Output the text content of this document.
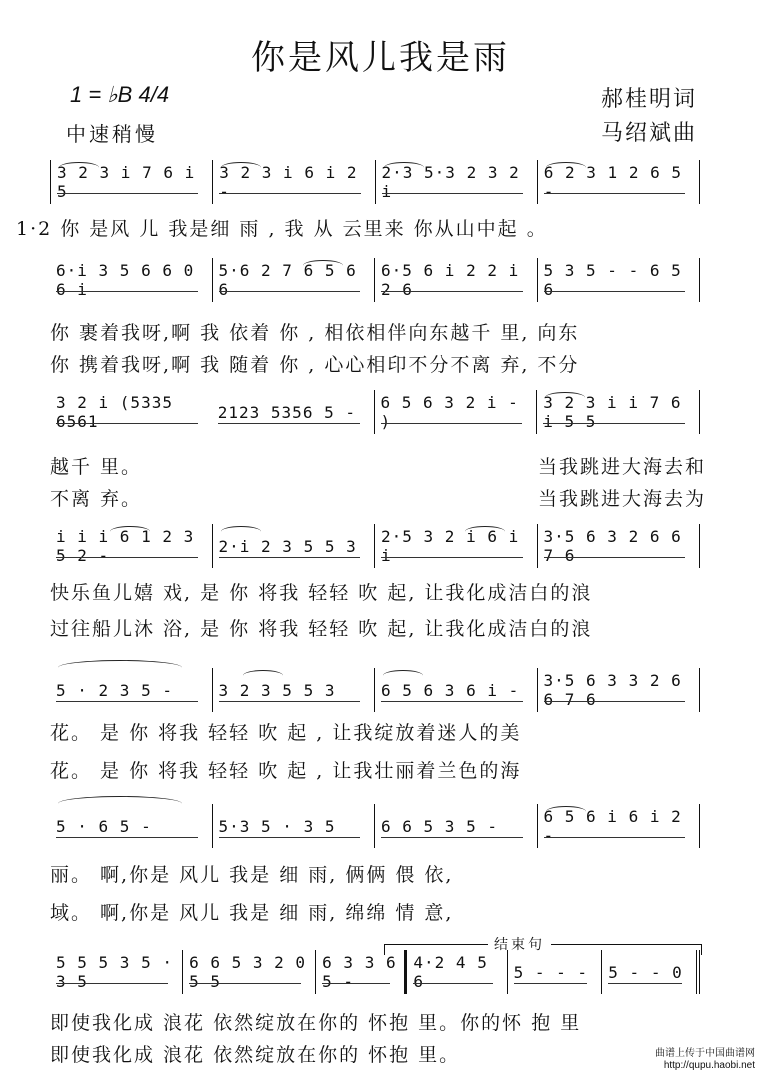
你是风儿我是雨
1 = ♭B 4/4
中速稍慢
郝桂明词
马绍斌曲
3 2 3 i 7 6 i 5
3 2 3 i 6 i 2 -
2·3 5·3 2 3 2 i
6 2 3 1 2 6 5 -
1·2 你 是风 儿 我是细 雨 , 我 从 云里来 你从山中起 。
6·i 3 5 6 6 0 6 i
5·6 2 7 6 5 6 6
6·5 6 i 2 2 i 2 6
5 3 5 - - 6 5 6
你 裹着我呀,啊 我 依着 你 , 相依相伴向东越千 里, 向东
你 携着我呀,啊 我 随着 你 , 心心相印不分不离 弃, 不分
3 2 i (5335 6561	2123 5356 5 - 6 5 6 3 2 i - )
3 2 3 i i 7 6 i 5 5
越千 里。
不离 弃。
当我跳进大海去和
当我跳进大海去为
i i i 6 1 2 3 5 2 -	2·i 2 3 5 5 3 2·5 3 2 i 6 i i
3·5 6 3 2 6 6 7 6
快乐鱼儿嬉 戏, 是 你 将我 轻轻 吹 起, 让我化成洁白的浪
过往船儿沐 浴, 是 你 将我 轻轻 吹 起, 让我化成洁白的浪
5 · 2 3 5 -	3 2 3 5 5 3	6 5 6 3 6 i - 3·5 6 3 3 2 6 6 7 6
花。 是 你 将我 轻轻 吹 起 , 让我绽放着迷人的美
花。 是 你 将我 轻轻 吹 起 , 让我壮丽着兰色的海
5 · 6 5 -	5·3 5 · 3 5	6 6 5 3 5 -	6 5 6 i 6 i 2 -
丽。 啊,你是 风儿 我是 细 雨, 俩俩 偎 依,
域。 啊,你是 风儿 我是 细 雨, 绵绵 情 意,
结束句
5 5 5 3 5 · 3 5
6 6 5 3 2 0 5 5
6 3 3 6 5 -
4·2 4 5 6	5 - - - 5 - - 0
即使我化成 浪花 依然绽放在你的 怀抱 里。你的怀 抱 里
即使我化成 浪花 依然绽放在你的 怀抱 里。	曲谱上传于中国曲谱网
http://qupu.haobi.net
